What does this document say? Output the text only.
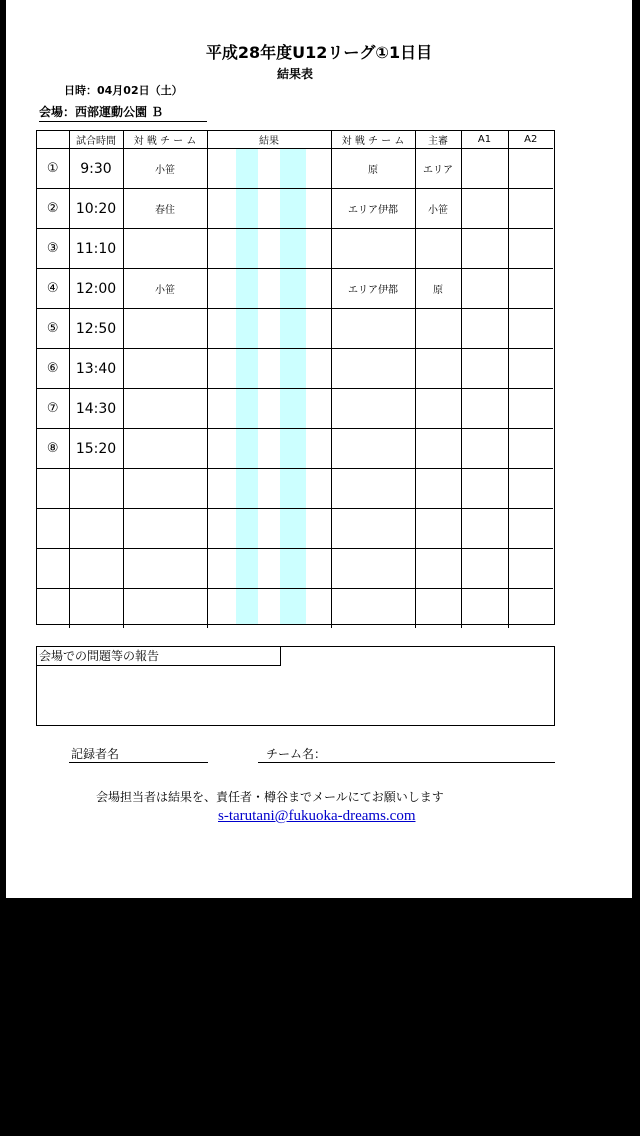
平成28年度U12リーグ①1日目
結果表
日時：04月02日（土）
会場：西部運動公園 Ｂ
	試合時間	対 戦 チ ー ム	結果	対 戦 チ ー ム	主審	A1	A2
①	9:30	小笹		原	エリア		
②	10:20	春住		エリア伊都	小笹		
③	11:10						
④	12:00	小笹		エリア伊都	原		
⑤	12:50						
⑥	13:40						
⑦	14:30						
⑧	15:20						

会場での問題等の報告
記録者名	チーム名：
会場担当者は結果を、責任者・樽谷までメールにてお願いします
s-tarutani@fukuoka-dreams.com
